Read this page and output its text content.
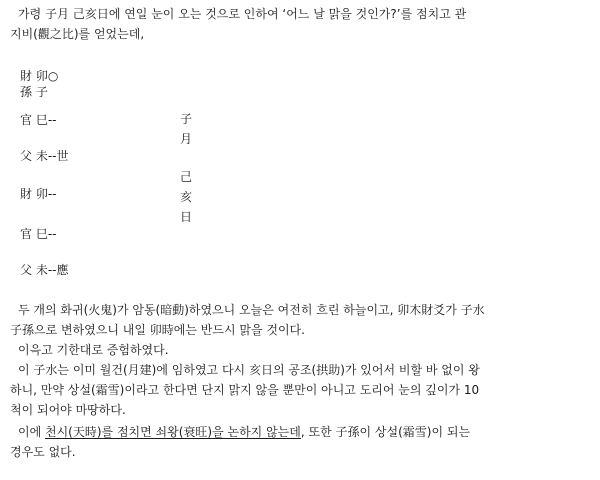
가령 子月 己亥日에 연일 눈이 오는 것으로 인하여 ‘어느 날 맑을 것인가?’를 점치고 관
지비(觀之比)를 얻었는데,
財 卯○
孫 子
官 巳--
父 未--世
財 卯--
官 巳--
父 未--應
子
月
己
亥
日
두 개의 화귀(火鬼)가 암동(暗動)하였으니 오늘은 여전히 흐린 하늘이고, 卯木財爻가 子水
子孫으로 변하였으니 내일 卯時에는 반드시 맑을 것이다.
이윽고 기한대로 증험하였다.
이 子水는 이미 월건(月建)에 임하였고 다시 亥日의 공조(拱助)가 있어서 비할 바 없이 왕
하니, 만약 상설(霜雪)이라고 한다면 단지 맑지 않을 뿐만이 아니고 도리어 눈의 깊이가 10
척이 되어야 마땅하다.
이에 천시(天時)를 점치면 쇠왕(衰旺)을 논하지 않는데, 또한 子孫이 상설(霜雪)이 되는
경우도 없다.
